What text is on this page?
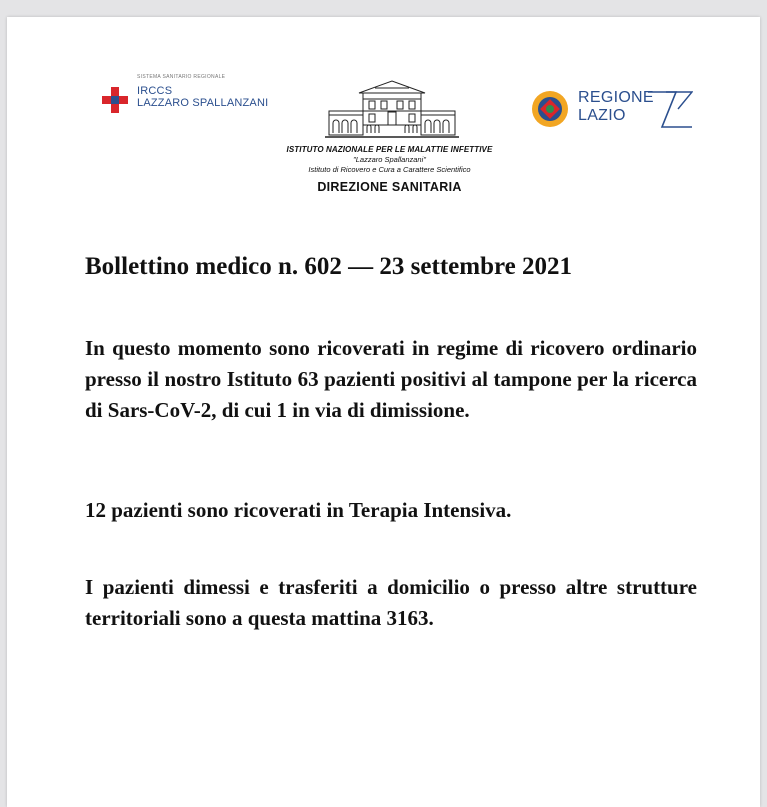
SISTEMA SANITARIO REGIONALE
IRCCS
LAZZARO SPALLANZANI
ISTITUTO NAZIONALE PER LE MALATTIE INFETTIVE
"Lazzaro Spallanzani"
Istituto di Ricovero e Cura a Carattere Scientifico
DIREZIONE SANITARIA
REGIONE
LAZIO
Bollettino medico n. 602 — 23 settembre 2021
In questo momento sono ricoverati in regime di ricovero ordinario presso il nostro Istituto 63 pazienti positivi al tampone per la ricerca di Sars-CoV-2, di cui 1 in via di dimissione.
12 pazienti sono ricoverati in Terapia Intensiva.
I pazienti dimessi e trasferiti a domicilio o presso altre strutture territoriali sono a questa mattina 3163.
